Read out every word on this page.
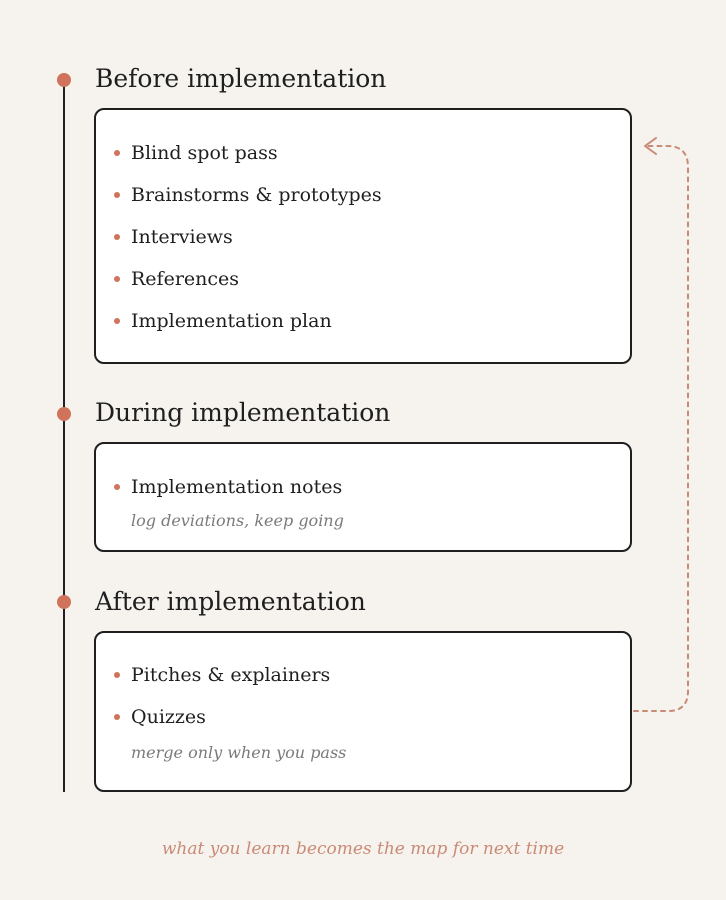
Before implementation
Blind spot pass
Brainstorms & prototypes
Interviews
References
Implementation plan
During implementation
Implementation notes
log deviations, keep going
After implementation
Pitches & explainers
Quizzes
merge only when you pass
what you learn becomes the map for next time
